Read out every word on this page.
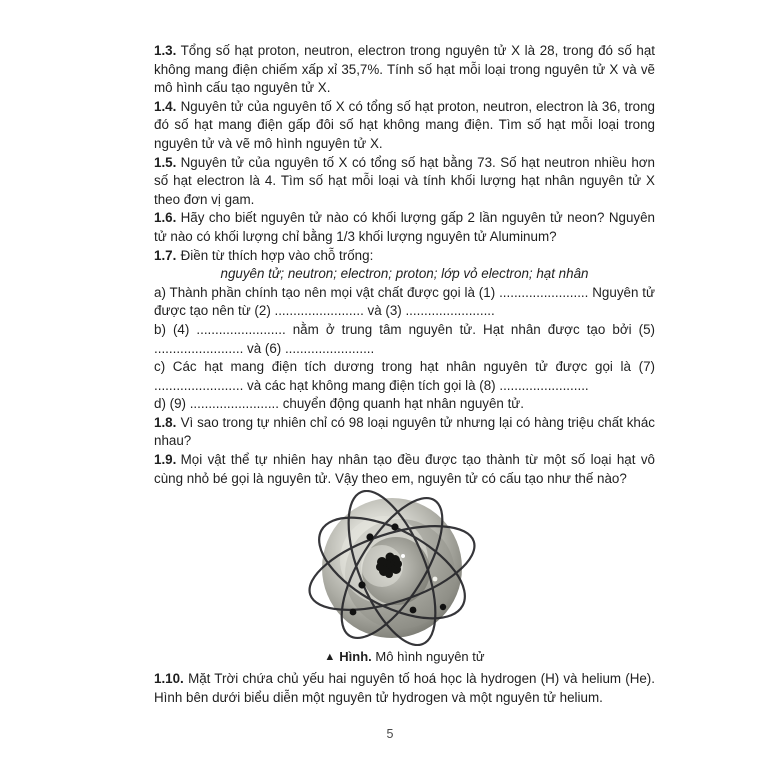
1.3. Tổng số hạt proton, neutron, electron trong nguyên tử X là 28, trong đó số hạt không mang điện chiếm xấp xỉ 35,7%. Tính số hạt mỗi loại trong nguyên tử X và vẽ mô hình cấu tạo nguyên tử X.

1.4. Nguyên tử của nguyên tố X có tổng số hạt proton, neutron, electron là 36, trong đó số hạt mang điện gấp đôi số hạt không mang điện. Tìm số hạt mỗi loại trong nguyên tử và vẽ mô hình nguyên tử X.

1.5. Nguyên tử của nguyên tố X có tổng số hạt bằng 73. Số hạt neutron nhiều hơn số hạt electron là 4. Tìm số hạt mỗi loại và tính khối lượng hạt nhân nguyên tử X theo đơn vị gam.

1.6. Hãy cho biết nguyên tử nào có khối lượng gấp 2 lần nguyên tử neon? Nguyên tử nào có khối lượng chỉ bằng 1/3 khối lượng nguyên tử Aluminum?

1.7. Điền từ thích hợp vào chỗ trống:

nguyên tử; neutron; electron; proton; lớp vỏ electron; hạt nhân

a) Thành phần chính tạo nên mọi vật chất được gọi là (1) ........................ Nguyên tử được tạo nên từ (2) ........................ và (3) ........................

b) (4) ........................ nằm ở trung tâm nguyên tử. Hạt nhân được tạo bởi (5) ........................ và (6) ........................

c) Các hạt mang điện tích dương trong hạt nhân nguyên tử được gọi là (7) ........................ và các hạt không mang điện tích gọi là (8) ........................

d) (9) ........................ chuyển động quanh hạt nhân nguyên tử.

1.8. Vì sao trong tự nhiên chỉ có 98 loại nguyên tử nhưng lại có hàng triệu chất khác nhau?

1.9. Mọi vật thể tự nhiên hay nhân tạo đều được tạo thành từ một số loại hạt vô cùng nhỏ bé gọi là nguyên tử. Vậy theo em, nguyên tử có cấu tạo như thế nào?

▲ Hình. Mô hình nguyên tử

1.10. Mặt Trời chứa chủ yếu hai nguyên tố hoá học là hydrogen (H) và helium (He). Hình bên dưới biểu diễn một nguyên tử hydrogen và một nguyên tử helium.

5
